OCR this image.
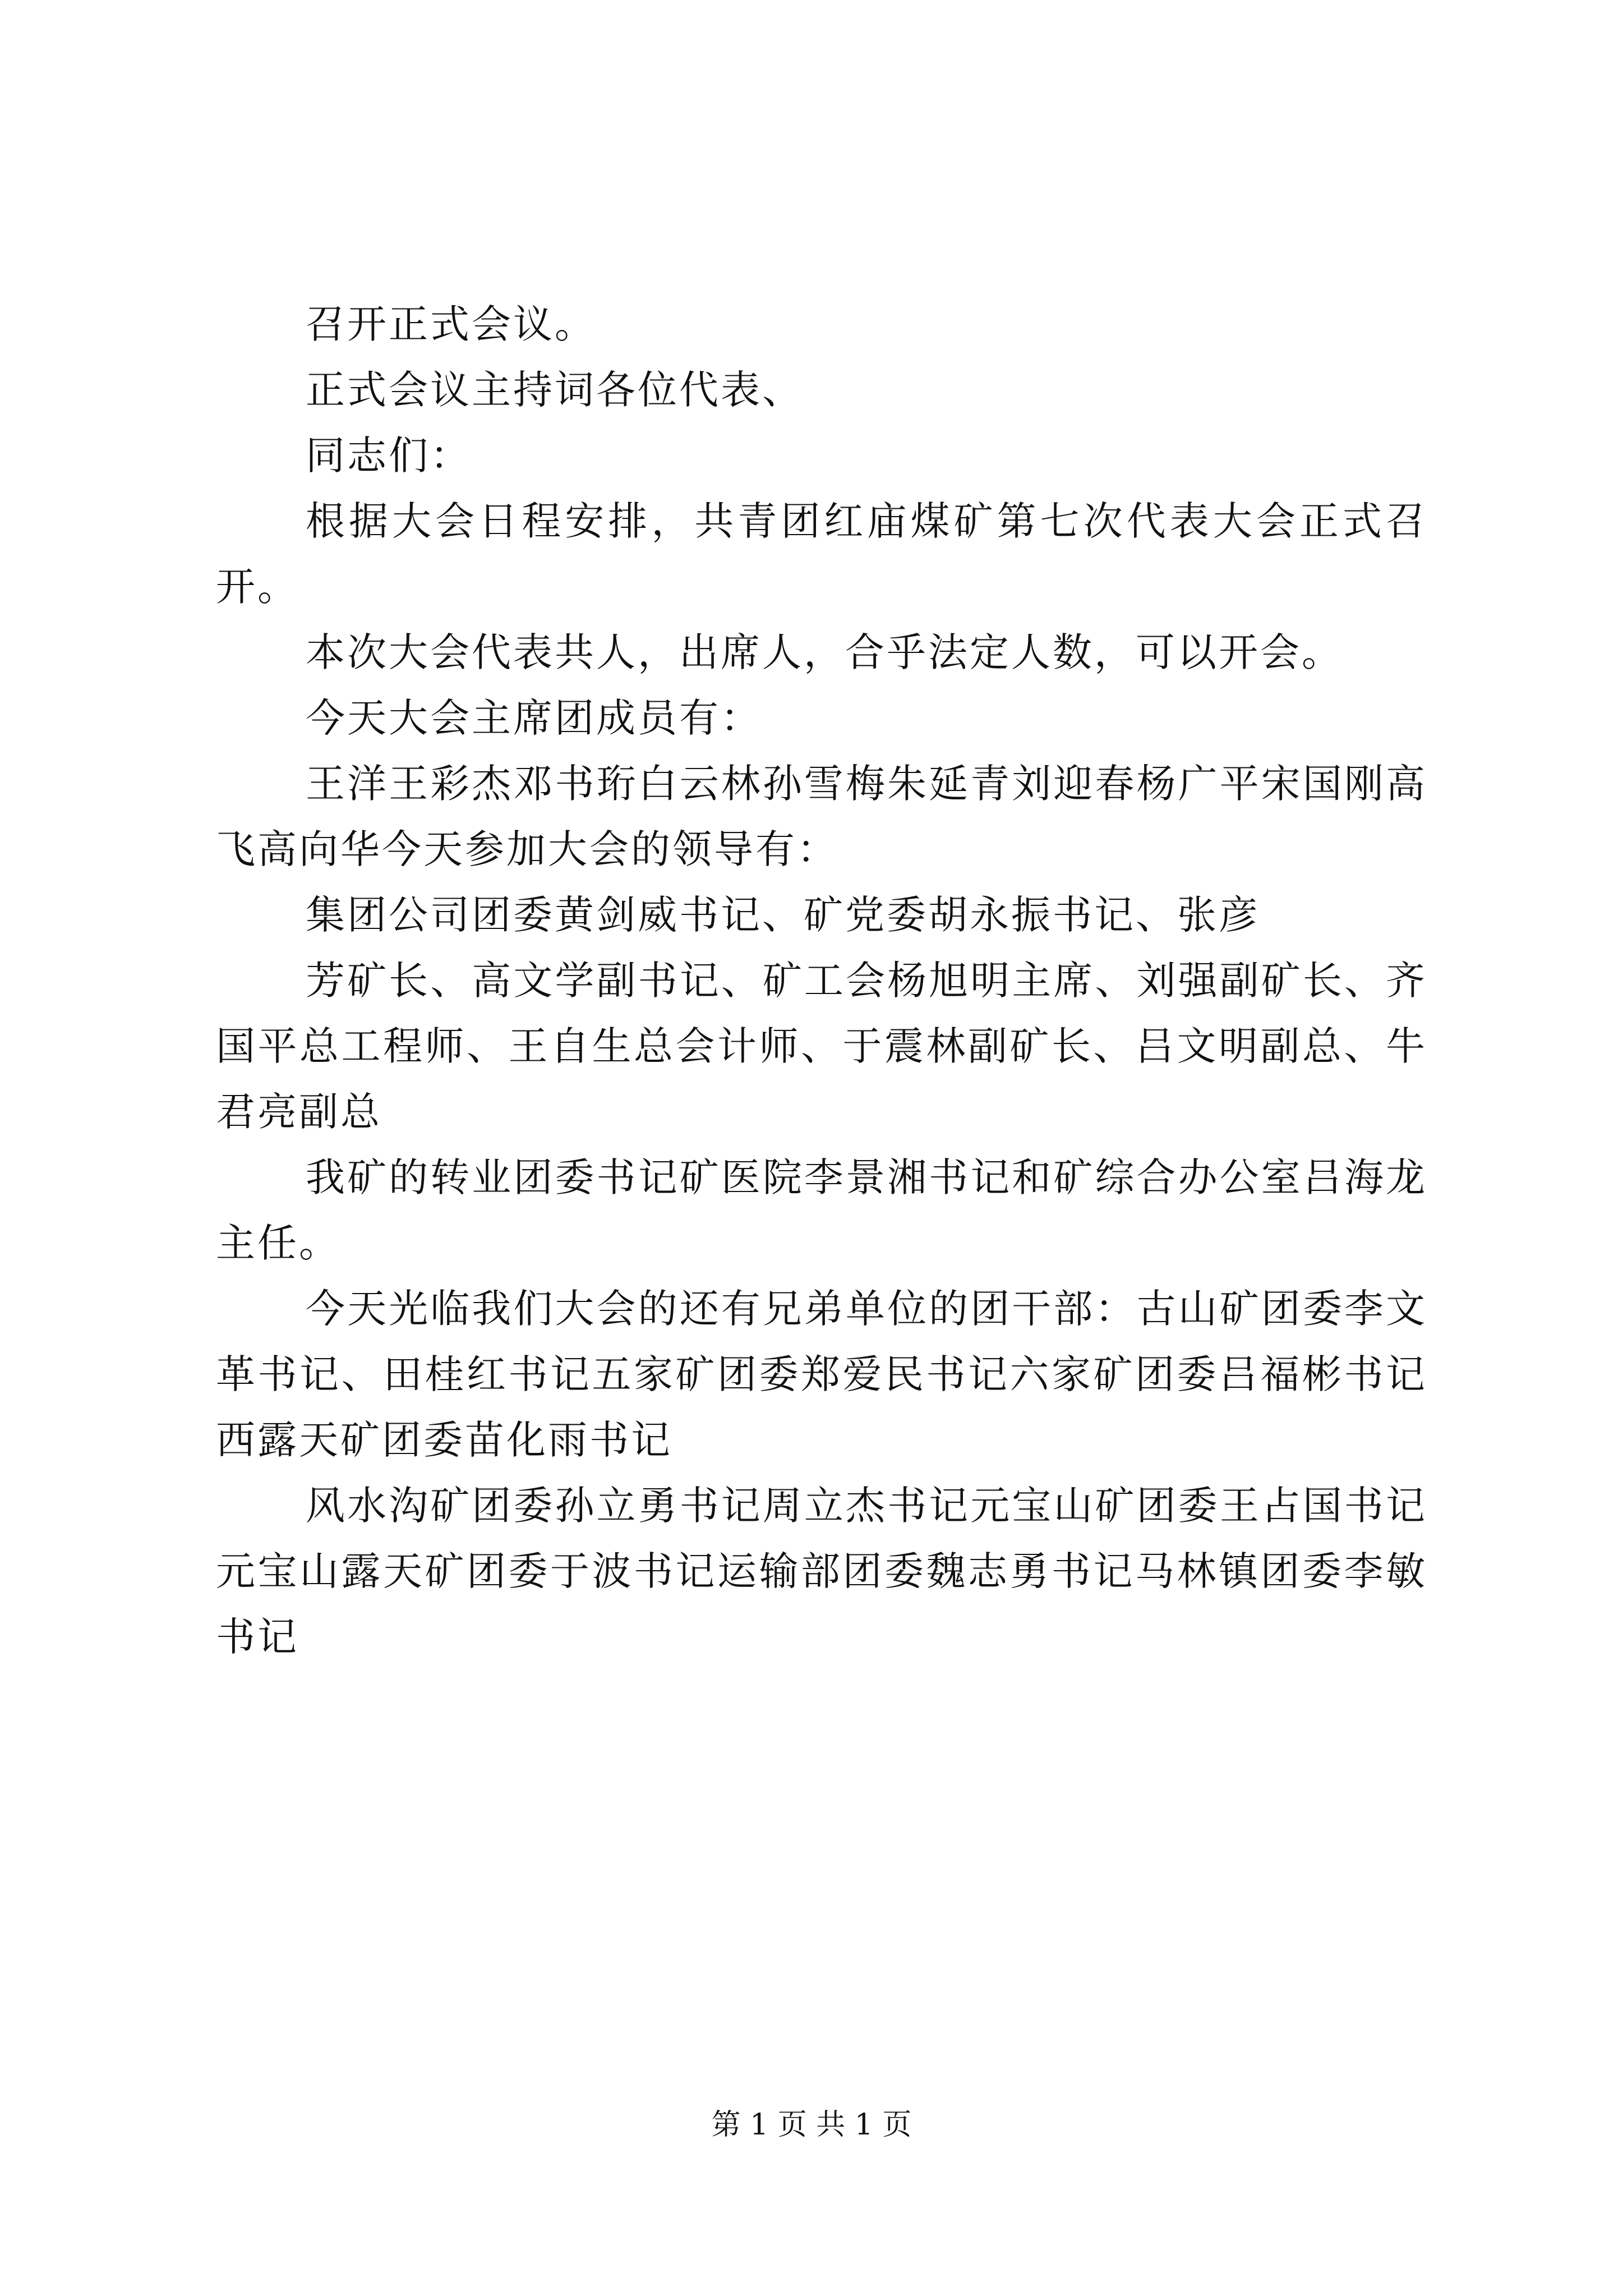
召开正式会议。

正式会议主持词各位代表、

同志们：

根据大会日程安排，共青团红庙煤矿第七次代表大会正式召开。

本次大会代表共人，出席人，合乎法定人数，可以开会。

今天大会主席团成员有：

王洋王彩杰邓书珩白云林孙雪梅朱延青刘迎春杨广平宋国刚高飞高向华今天参加大会的领导有：

集团公司团委黄剑威书记、矿党委胡永振书记、张彦

芳矿长、高文学副书记、矿工会杨旭明主席、刘强副矿长、齐国平总工程师、王自生总会计师、于震林副矿长、吕文明副总、牛君亮副总

我矿的转业团委书记矿医院李景湘书记和矿综合办公室吕海龙主任。

今天光临我们大会的还有兄弟单位的团干部：古山矿团委李文革书记、田桂红书记五家矿团委郑爱民书记六家矿团委吕福彬书记西露天矿团委苗化雨书记

风水沟矿团委孙立勇书记周立杰书记元宝山矿团委王占国书记元宝山露天矿团委于波书记运输部团委魏志勇书记马林镇团委李敏书记

第 1 页 共 1 页
